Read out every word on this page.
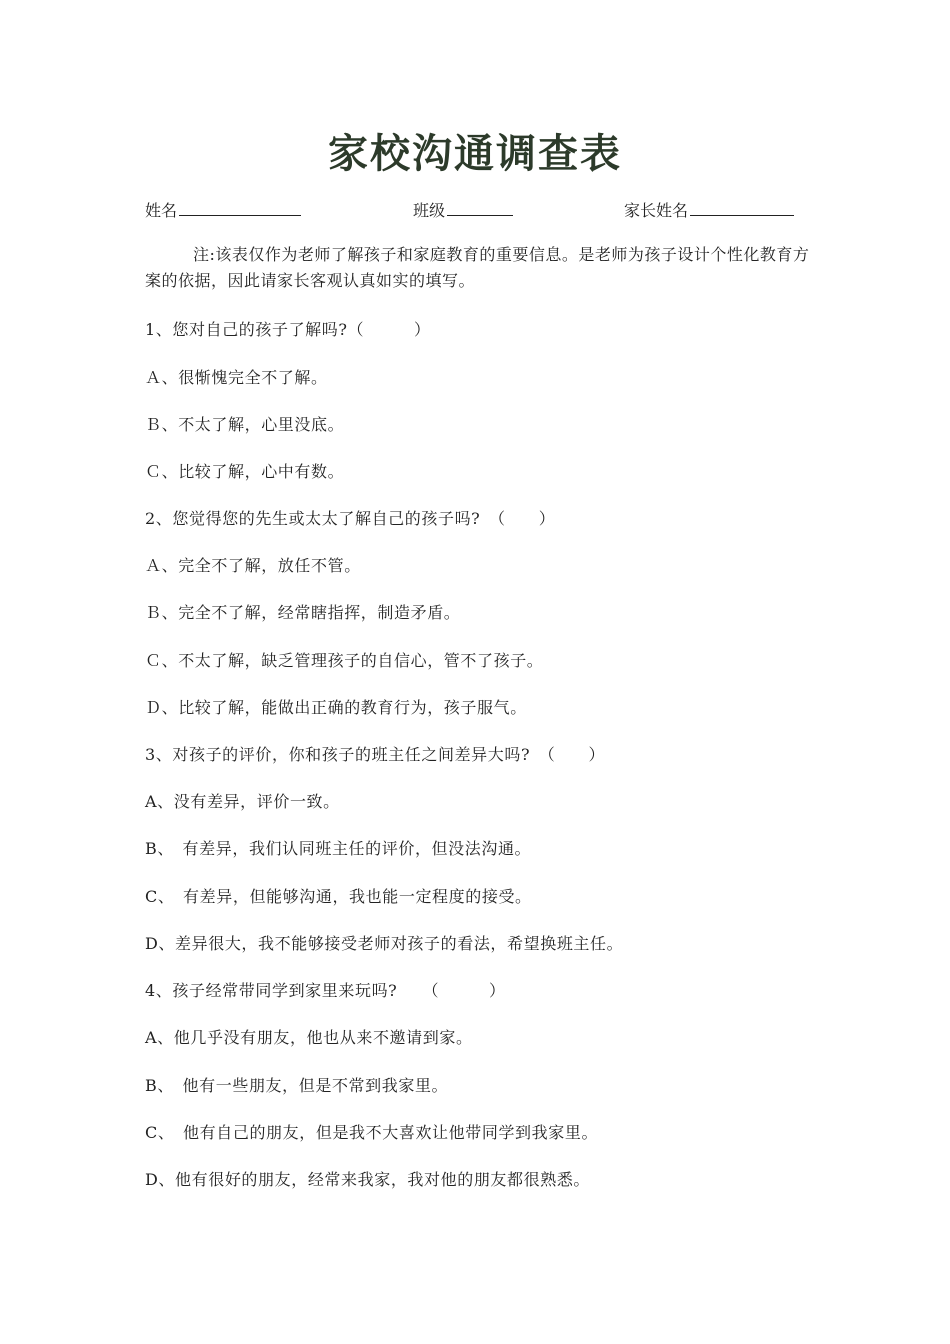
家校沟通调查表
姓名	班级	家长姓名
注:该表仅作为老师了解孩子和家庭教育的重要信息。是老师为孩子设计个性化教育方案的依据，因此请家长客观认真如实的填写。
1、您对自己的孩子了解吗?（　　　）
Ａ、很惭愧完全不了解。
Ｂ、不太了解，心里没底。
Ｃ、比较了解，心中有数。
2、您觉得您的先生或太太了解自己的孩子吗?　（　　）
Ａ、完全不了解，放任不管。
Ｂ、完全不了解，经常瞎指挥，制造矛盾。
Ｃ、不太了解，缺乏管理孩子的自信心，管不了孩子。
Ｄ、比较了解，能做出正确的教育行为，孩子服气。
3、对孩子的评价，你和孩子的班主任之间差异大吗?　（　　）
A、没有差异，评价一致。
B、　有差异，我们认同班主任的评价，但没法沟通。
C、　有差异，但能够沟通，我也能一定程度的接受。
D、差异很大，我不能够接受老师对孩子的看法，希望换班主任。
4、孩子经常带同学到家里来玩吗?　　（　　　）
A、他几乎没有朋友，他也从来不邀请到家。
B、　他有一些朋友，但是不常到我家里。
C、　他有自己的朋友，但是我不大喜欢让他带同学到我家里。
D、他有很好的朋友，经常来我家，我对他的朋友都很熟悉。
